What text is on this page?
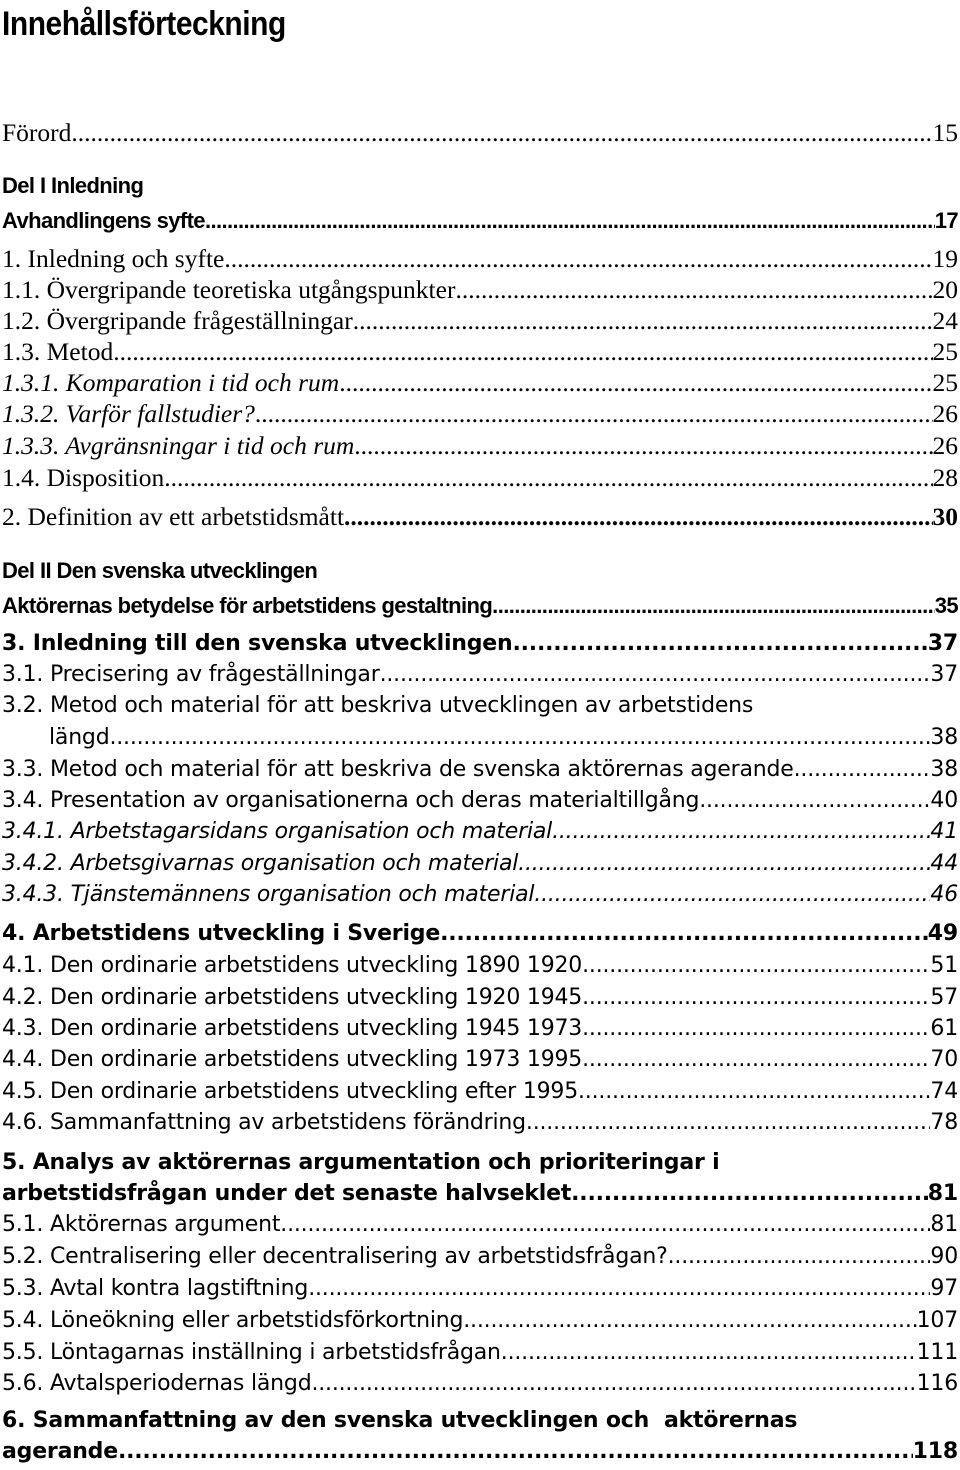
Innehållsförteckning
Förord .....	15
Del I Inledning
Avhandlingens syfte .....	17
1. Inledning och syfte .....	19
1.1. Övergripande teoretiska utgångspunkter .....	20
1.2. Övergripande frågeställningar .....	24
1.3. Metod .....	25
1.3.1. Komparation i tid och rum .....	25
1.3.2. Varför fallstudier? .....	26
1.3.3. Avgränsningar i tid och rum .....	26
1.4. Disposition .....	28
2. Definition av ett arbetstidsmått .....	30
Del II Den svenska utvecklingen
Aktörernas betydelse för arbetstidens gestaltning. .....	35
3. Inledning till den svenska utvecklingen .....	37
3.1. Precisering av frågeställningar .....	37
3.2. Metod och material för att beskriva utvecklingen av arbetstidens
längd .....	38
3.3. Metod och material för att beskriva de svenska aktörernas agerande .....	38
3.4. Presentation av organisationerna och deras materialtillgång .....	40
3.4.1. Arbetstagarsidans organisation och material .....	41
3.4.2. Arbetsgivarnas organisation och material .....	44
3.4.3. Tjänstemännens organisation och material .....	46
4. Arbetstidens utveckling i Sverige .....	49
4.1. Den ordinarie arbetstidens utveckling 1890 1920 .....	51
4.2. Den ordinarie arbetstidens utveckling 1920 1945 .....	57
4.3. Den ordinarie arbetstidens utveckling 1945 1973 .....	61
4.4. Den ordinarie arbetstidens utveckling 1973 1995 .....	70
4.5. Den ordinarie arbetstidens utveckling efter 1995 .....	74
4.6. Sammanfattning av arbetstidens förändring .....	78
5. Analys av aktörernas argumentation och prioriteringar i
arbetstidsfrågan under det senaste halvseklet .....	81
5.1. Aktörernas argument .....	81
5.2. Centralisering eller decentralisering av arbetstidsfrågan? .....	90
5.3. Avtal kontra lagstiftning .....	97
5.4. Löneökning eller arbetstidsförkortning .....	107
5.5. Löntagarnas inställning i arbetstidsfrågan .....	111
5.6. Avtalsperiodernas längd .....	116
6. Sammanfattning av den svenska utvecklingen och  aktörernas
agerande .....	118
